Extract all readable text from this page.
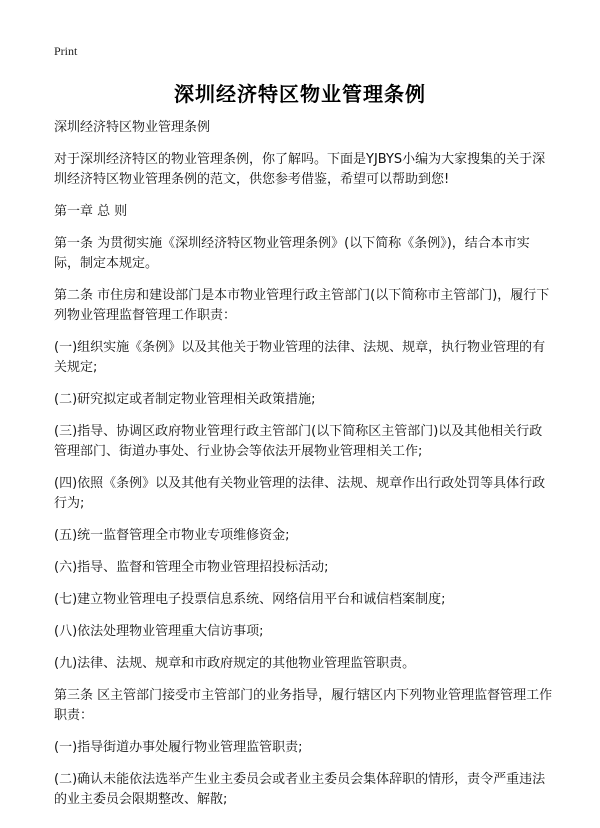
Print
深圳经济特区物业管理条例

深圳经济特区物业管理条例

对于深圳经济特区的物业管理条例，你了解吗。下面是YJBYS小编为大家搜集的关于深圳经济特区物业管理条例的范文，供您参考借鉴，希望可以帮助到您!

第一章 总 则

第一条 为贯彻实施《深圳经济特区物业管理条例》(以下简称《条例》)，结合本市实际，制定本规定。

第二条 市住房和建设部门是本市物业管理行政主管部门(以下简称市主管部门)，履行下列物业管理监督管理工作职责：

(一)组织实施《条例》以及其他关于物业管理的法律、法规、规章，执行物业管理的有关规定;

(二)研究拟定或者制定物业管理相关政策措施;

(三)指导、协调区政府物业管理行政主管部门(以下简称区主管部门)以及其他相关行政管理部门、街道办事处、行业协会等依法开展物业管理相关工作;

(四)依照《条例》以及其他有关物业管理的法律、法规、规章作出行政处罚等具体行政行为;

(五)统一监督管理全市物业专项维修资金;

(六)指导、监督和管理全市物业管理招投标活动;

(七)建立物业管理电子投票信息系统、网络信用平台和诚信档案制度;

(八)依法处理物业管理重大信访事项;

(九)法律、法规、规章和市政府规定的其他物业管理监管职责。

第三条 区主管部门接受市主管部门的业务指导，履行辖区内下列物业管理监督管理工作职责：

(一)指导街道办事处履行物业管理监管职责;

(二)确认未能依法选举产生业主委员会或者业主委员会集体辞职的情形，责令严重违法的业主委员会限期整改、解散;
